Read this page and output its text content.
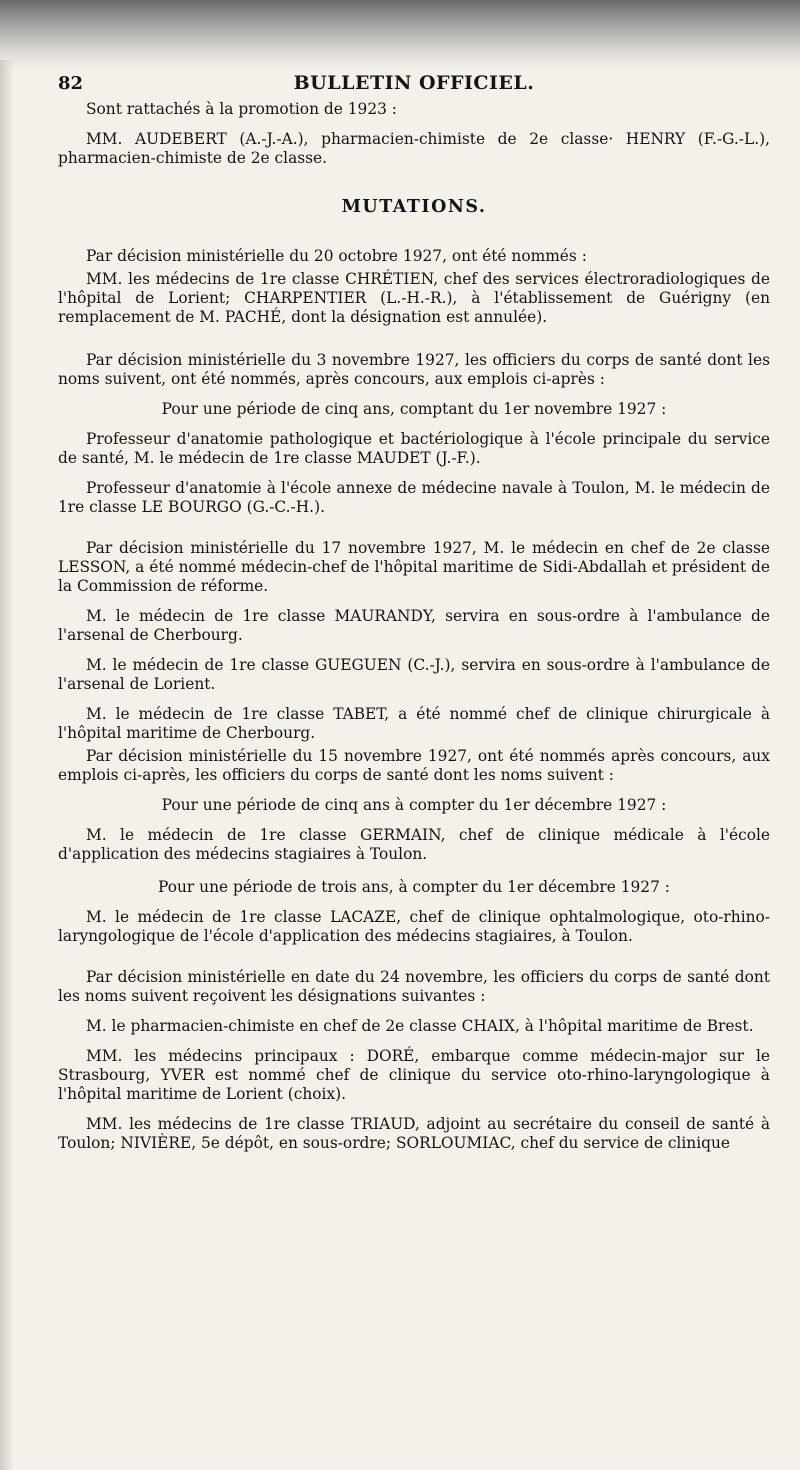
82	BULLETIN OFFICIEL.

Sont rattachés à la promotion de 1923 :

MM. AUDEBERT (A.-J.-A.), pharmacien-chimiste de 2e classe· HENRY (F.-G.-L.), pharmacien-chimiste de 2e classe.

MUTATIONS.

Par décision ministérielle du 20 octobre 1927, ont été nommés :

MM. les médecins de 1re classe CHRÉTIEN, chef des services électroradiologiques de l'hôpital de Lorient; CHARPENTIER (L.-H.-R.), à l'établissement de Guérigny (en remplacement de M. PACHÉ, dont la désignation est annulée).

Par décision ministérielle du 3 novembre 1927, les officiers du corps de santé dont les noms suivent, ont été nommés, après concours, aux emplois ci-après :

Pour une période de cinq ans, comptant du 1er novembre 1927 :

Professeur d'anatomie pathologique et bactériologique à l'école principale du service de santé, M. le médecin de 1re classe MAUDET (J.-F.).

Professeur d'anatomie à l'école annexe de médecine navale à Toulon, M. le médecin de 1re classe LE BOURGO (G.-C.-H.).

Par décision ministérielle du 17 novembre 1927, M. le médecin en chef de 2e classe LESSON, a été nommé médecin-chef de l'hôpital maritime de Sidi-Abdallah et président de la Commission de réforme.

M. le médecin de 1re classe MAURANDY, servira en sous-ordre à l'ambulance de l'arsenal de Cherbourg.

M. le médecin de 1re classe GUEGUEN (C.-J.), servira en sous-ordre à l'ambulance de l'arsenal de Lorient.

M. le médecin de 1re classe TABET, a été nommé chef de clinique chirurgicale à l'hôpital maritime de Cherbourg.

Par décision ministérielle du 15 novembre 1927, ont été nommés après concours, aux emplois ci-après, les officiers du corps de santé dont les noms suivent :

Pour une période de cinq ans à compter du 1er décembre 1927 :

M. le médecin de 1re classe GERMAIN, chef de clinique médicale à l'école d'application des médecins stagiaires à Toulon.

Pour une période de trois ans, à compter du 1er décembre 1927 :

M. le médecin de 1re classe LACAZE, chef de clinique ophtalmologique, oto-rhino-laryngologique de l'école d'application des médecins stagiaires, à Toulon.

Par décision ministérielle en date du 24 novembre, les officiers du corps de santé dont les noms suivent reçoivent les désignations suivantes :

M. le pharmacien-chimiste en chef de 2e classe CHAIX, à l'hôpital maritime de Brest.

MM. les médecins principaux : DORÉ, embarque comme médecin-major sur le Strasbourg, YVER est nommé chef de clinique du service oto-rhino-laryngologique à l'hôpital maritime de Lorient (choix).

MM. les médecins de 1re classe TRIAUD, adjoint au secrétaire du conseil de santé à Toulon; NIVIÈRE, 5e dépôt, en sous-ordre; SORLOUMIAC, chef du service de clinique
